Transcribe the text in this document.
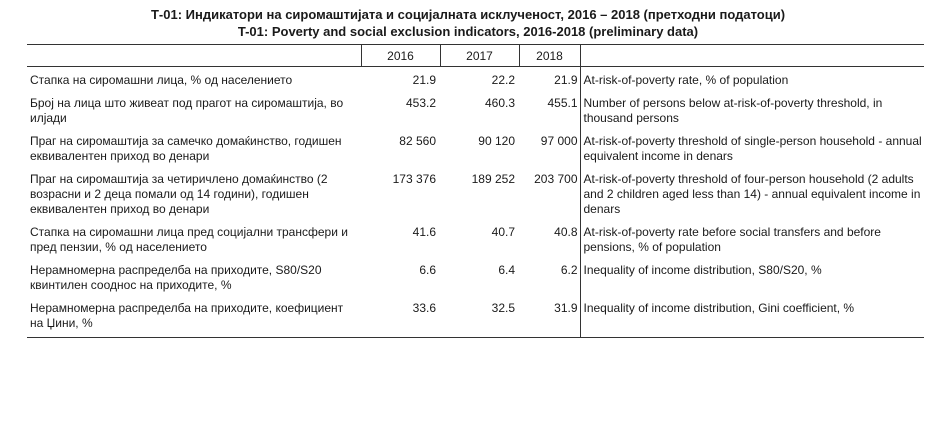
Т-01: Индикатори на сиромаштијата и социјалната исклученост, 2016 – 2018 (претходни податоци)
T-01: Poverty and social exclusion indicators, 2016-2018 (preliminary data)
	2016	2017	2018	
Стапка на сиромашни лица, % од населението	21.9	22.2	21.9	At-risk-of-poverty rate, % of population
Број на лица што живеат под прагот на сиромаштија, во илјади	453.2	460.3	455.1	Number of persons below at-risk-of-poverty threshold, in thousand persons
Праг на сиромаштија за самечко домаќинство, годишен еквивалентен приход во денари	82 560	90 120	97 000	At-risk-of-poverty threshold of single-person household - annual equivalent income in denars
Праг на сиромаштија за четиричлено домаќинство (2 возрасни и 2 деца помали од 14 години), годишен еквивалентен приход во денари	173 376	189 252	203 700	At-risk-of-poverty threshold of four-person household (2 adults and 2 children aged less than 14) - annual equivalent income in denars
Стапка на сиромашни лица пред социјални трансфери и пред пензии, % од населението	41.6	40.7	40.8	At-risk-of-poverty rate before social transfers and before pensions, % of population
Нерамномерна распределба на приходите, S80/S20 квинтилен сооднос на приходите, %	6.6	6.4	6.2	Inequality of income distribution, S80/S20, %
Нерамномерна распределба на приходите, коефициент на Џини, %	33.6	32.5	31.9	Inequality of income distribution, Gini coefficient, %
